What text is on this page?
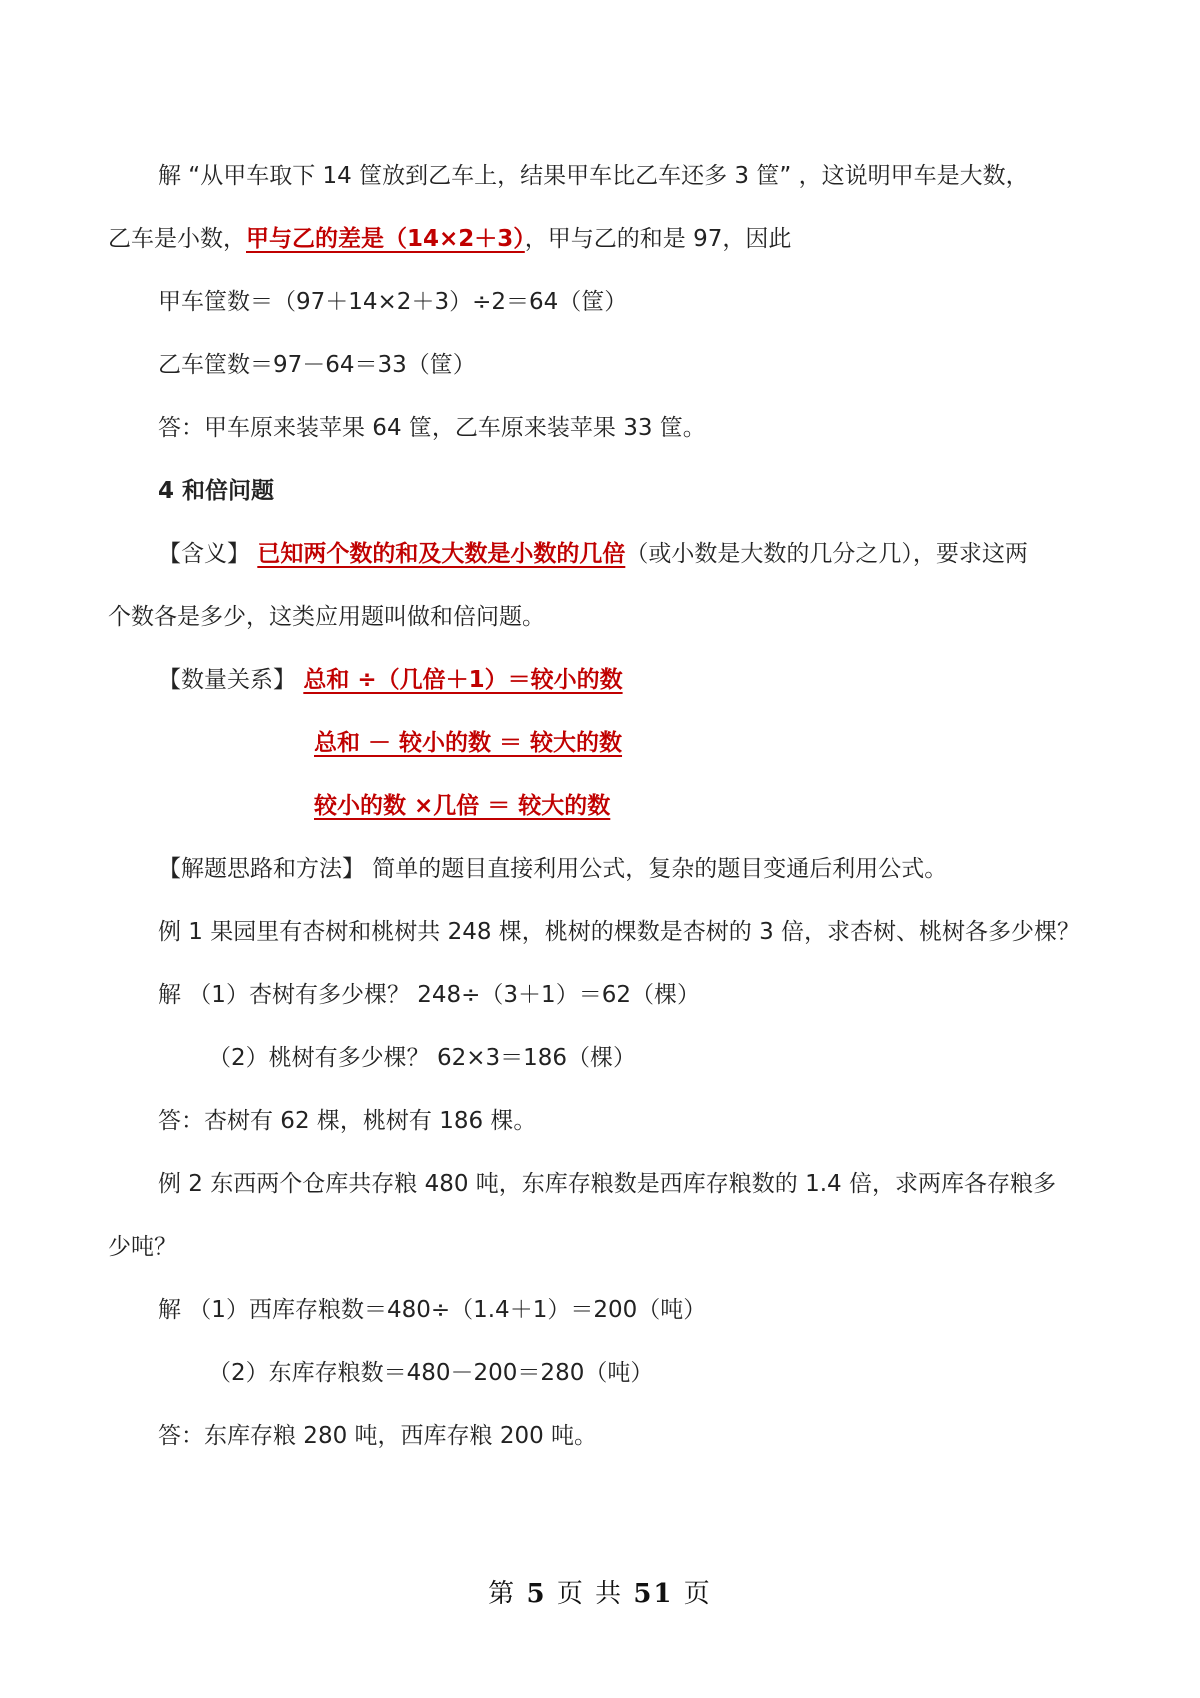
解 “从甲车取下 14 筐放到乙车上，结果甲车比乙车还多 3 筐” ，这说明甲车是大数，
乙车是小数，甲与乙的差是（14×2＋3），甲与乙的和是 97，因此
甲车筐数＝（97＋14×2＋3）÷2＝64（筐）
乙车筐数＝97－64＝33（筐）
答：甲车原来装苹果 64 筐，乙车原来装苹果 33 筐。
4 和倍问题
【含义】 已知两个数的和及大数是小数的几倍（或小数是大数的几分之几），要求这两
个数各是多少，这类应用题叫做和倍问题。
【数量关系】 总和 ÷（几倍＋1）＝较小的数
总和 － 较小的数 ＝ 较大的数
较小的数 ×几倍 ＝ 较大的数
【解题思路和方法】 简单的题目直接利用公式，复杂的题目变通后利用公式。
例 1 果园里有杏树和桃树共 248 棵，桃树的棵数是杏树的 3 倍，求杏树、桃树各多少棵？
解 （1）杏树有多少棵？ 248÷（3＋1）＝62（棵）
（2）桃树有多少棵？ 62×3＝186（棵）
答：杏树有 62 棵，桃树有 186 棵。
例 2 东西两个仓库共存粮 480 吨，东库存粮数是西库存粮数的 1.4 倍，求两库各存粮多
少吨？
解 （1）西库存粮数＝480÷（1.4＋1）＝200（吨）
（2）东库存粮数＝480－200＝280（吨）
答：东库存粮 280 吨，西库存粮 200 吨。
第 5 页 共 51 页
